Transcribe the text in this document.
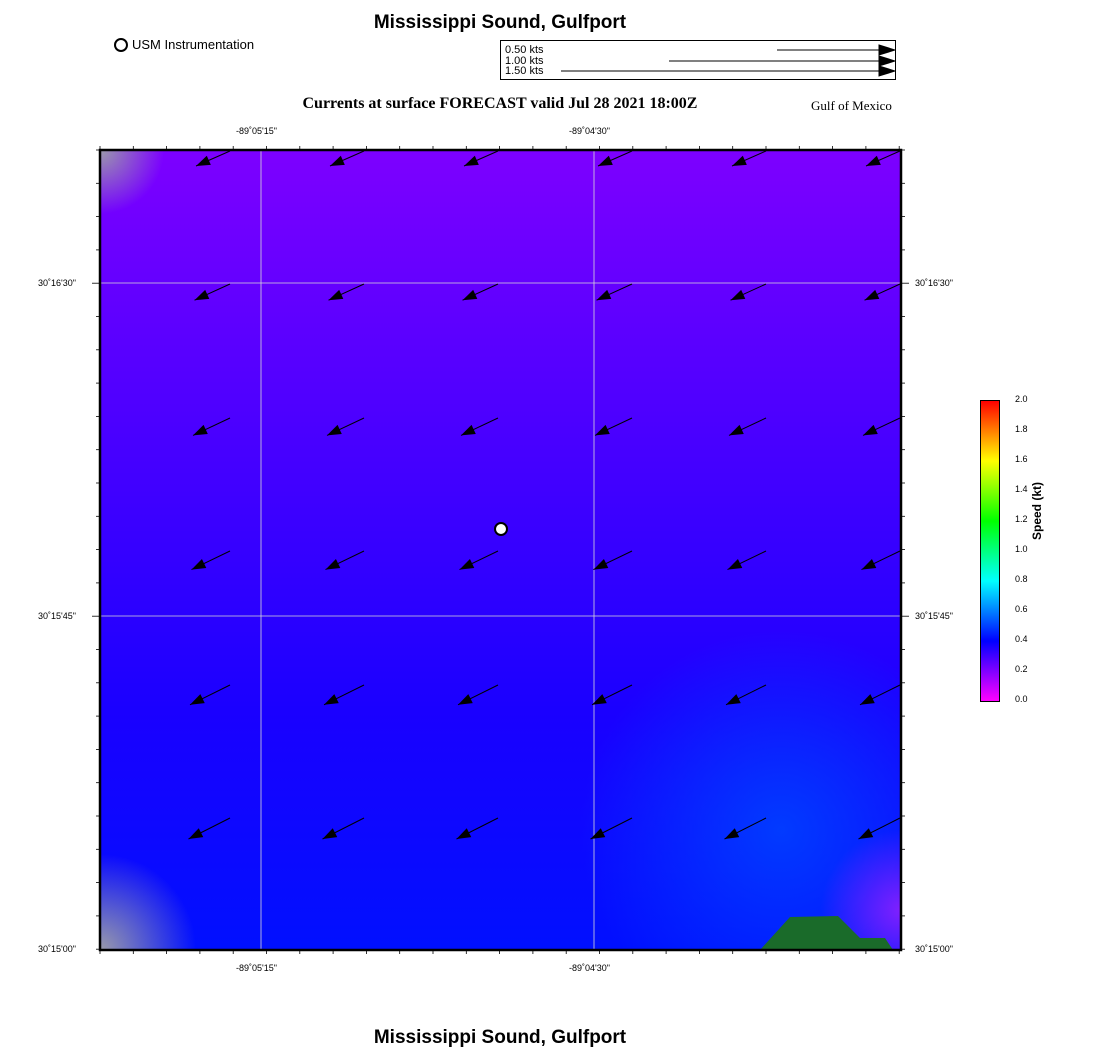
Mississippi Sound, Gulfport
USM Instrumentation	0.50 kts
1.00 kts
1.50 kts
Currents at surface FORECAST valid Jul 28 2021 18:00Z	Gulf of Mexico
-89˚05'15"	-89˚04'30"
-89˚05'15"	-89˚04'30"
30˚16'30"
30˚15'45"
30˚15'00"
30˚16'30"
30˚15'45"
30˚15'00"
2.0
1.8
1.6
1.4
1.2
1.0
0.8
0.6
0.4
0.2
0.0
Speed (kt)
Mississippi Sound, Gulfport
